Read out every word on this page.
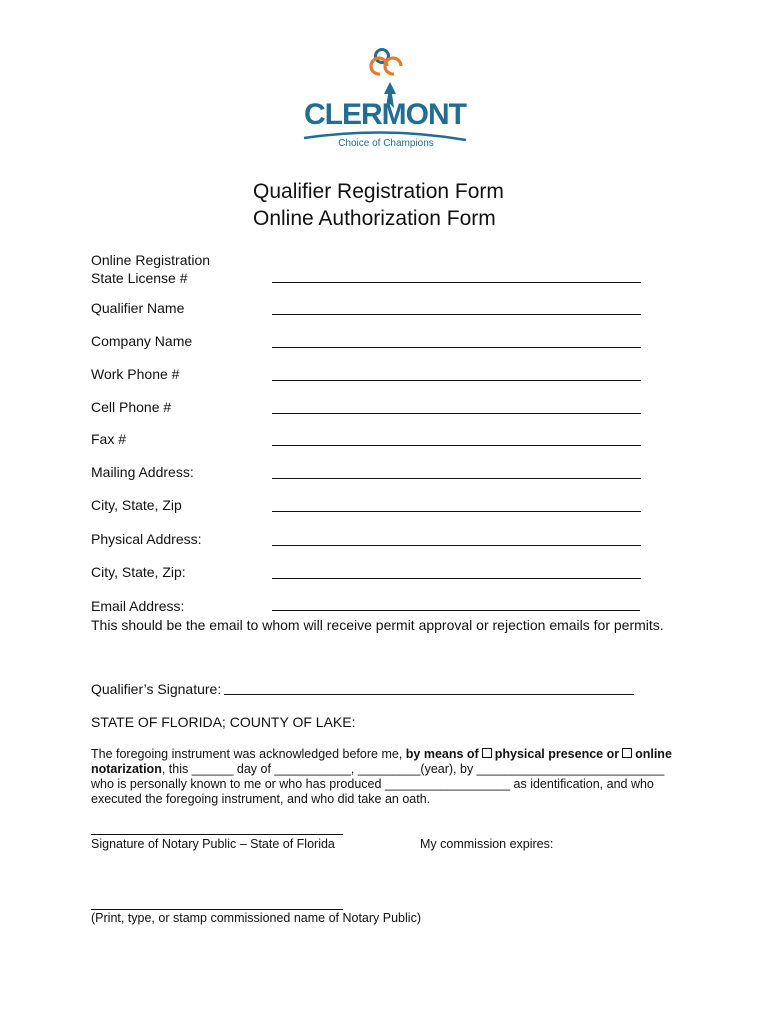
CLERMONT
Choice of Champions
Qualifier Registration Form
Online Authorization Form
Online Registration
State License #
Qualifier Name
Company Name
Work Phone #
Cell Phone #
Fax #
Mailing Address:
City, State, Zip
Physical Address:
City, State, Zip:
Email Address:
This should be the email to whom will receive permit approval or rejection emails for permits.
Qualifier’s Signature:
STATE OF FLORIDA; COUNTY OF LAKE:
The foregoing instrument was acknowledged before me, by means of physical presence or online
notarization, this ______ day of ___________, _________(year), by ___________________________
who is personally known to me or who has produced __________________ as identification, and who
executed the foregoing instrument, and who did take an oath.
Signature of Notary Public – State of Florida	My commission expires:
(Print, type, or stamp commissioned name of Notary Public)
